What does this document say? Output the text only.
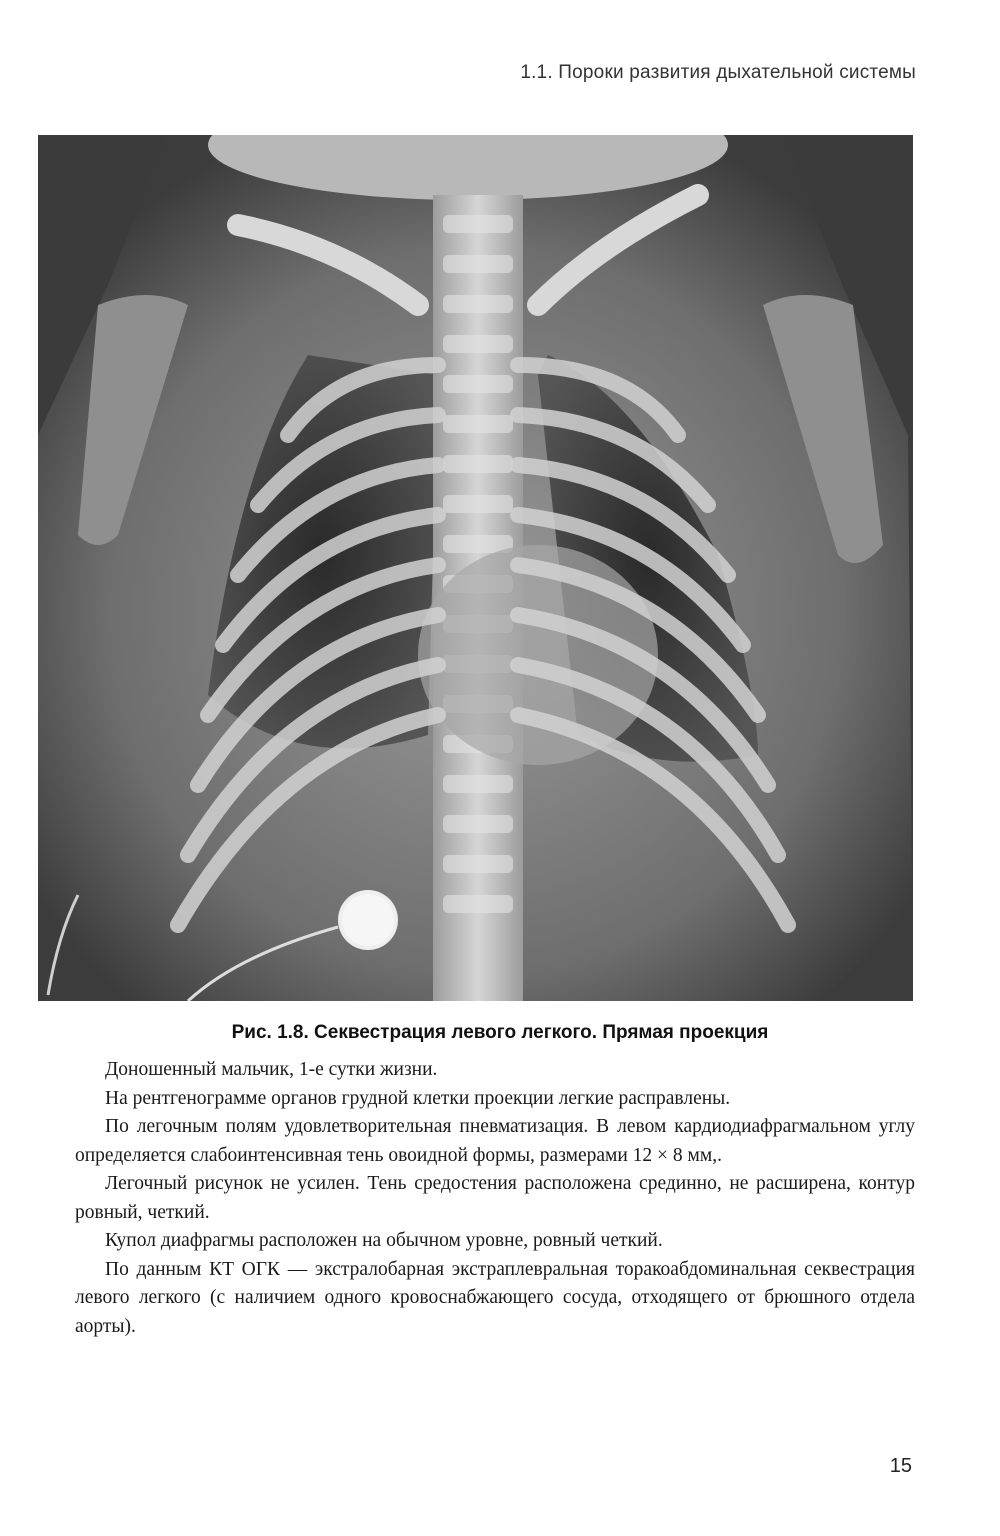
1.1. Пороки развития дыхательной системы
Рис. 1.8. Секвестрация левого легкого. Прямая проекция

Доношенный мальчик, 1-е сутки жизни.

На рентгенограмме органов грудной клетки проекции легкие расправлены.

По легочным полям удовлетворительная пневматизация. В левом кардиодиафрагмальном углу определяется слабоинтенсивная тень овоидной формы, размерами 12 × 8 мм,.

Легочный рисунок не усилен. Тень средостения расположена срединно, не расширена, контур ровный, четкий.

Купол диафрагмы расположен на обычном уровне, ровный четкий.

По данным КТ ОГК — экстралобарная экстраплевральная торакоабдоминальная секвестрация левого легкого (с наличием одного кровоснабжающего сосуда, отходящего от брюшного отдела аорты).

15
